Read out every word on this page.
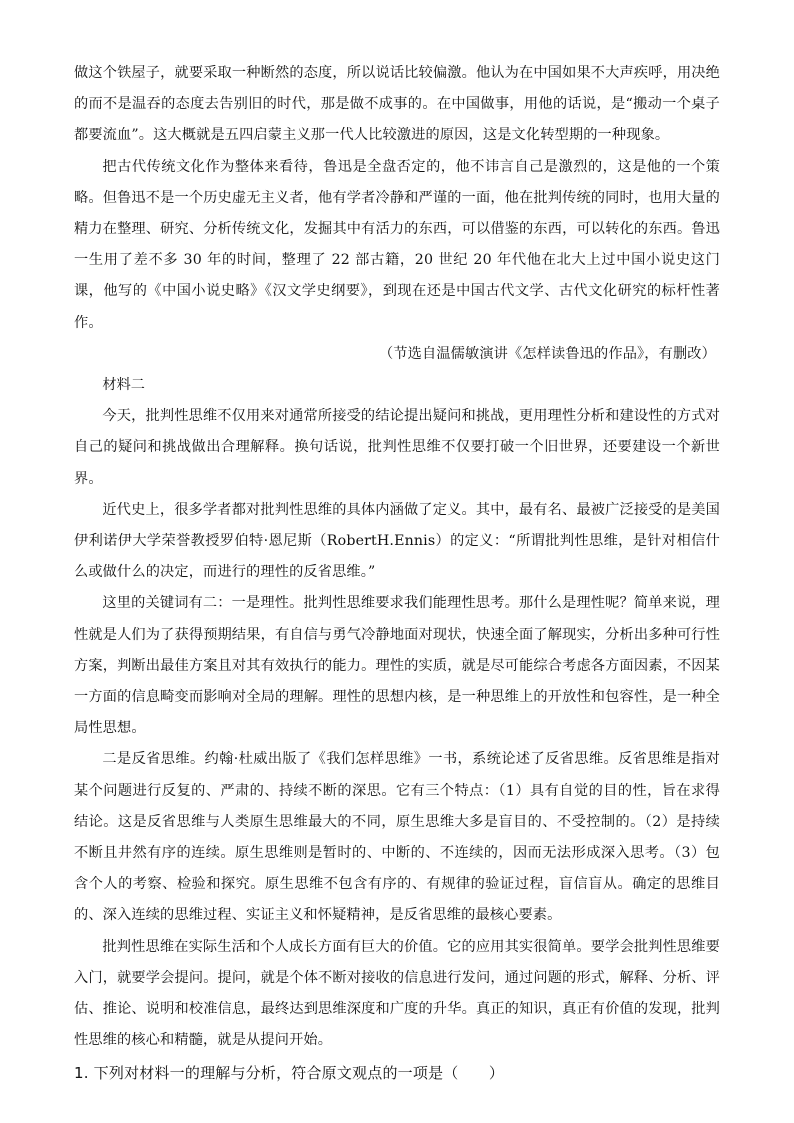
做这个铁屋子，就要采取一种断然的态度，所以说话比较偏激。他认为在中国如果不大声疾呼，用决绝的而不是温吞的态度去告别旧的时代，那是做不成事的。在中国做事，用他的话说，是“搬动一个桌子都要流血”。这大概就是五四启蒙主义那一代人比较激进的原因，这是文化转型期的一种现象。

把古代传统文化作为整体来看待，鲁迅是全盘否定的，他不讳言自己是激烈的，这是他的一个策略。但鲁迅不是一个历史虚无主义者，他有学者冷静和严谨的一面，他在批判传统的同时，也用大量的精力在整理、研究、分析传统文化，发掘其中有活力的东西，可以借鉴的东西，可以转化的东西。鲁迅一生用了差不多 30 年的时间，整理了 22 部古籍，20 世纪 20 年代他在北大上过中国小说史这门课，他写的《中国小说史略》《汉文学史纲要》，到现在还是中国古代文学、古代文化研究的标杆性著作。

（节选自温儒敏演讲《怎样读鲁迅的作品》，有删改）

材料二

今天，批判性思维不仅用来对通常所接受的结论提出疑问和挑战，更用理性分析和建设性的方式对自己的疑问和挑战做出合理解释。换句话说，批判性思维不仅要打破一个旧世界，还要建设一个新世界。

近代史上，很多学者都对批判性思维的具体内涵做了定义。其中，最有名、最被广泛接受的是美国伊利诺伊大学荣誉教授罗伯特·恩尼斯（RobertH.Ennis）的定义：“所谓批判性思维，是针对相信什么或做什么的决定，而进行的理性的反省思维。”

这里的关键词有二：一是理性。批判性思维要求我们能理性思考。那什么是理性呢？简单来说，理性就是人们为了获得预期结果，有自信与勇气冷静地面对现状，快速全面了解现实，分析出多种可行性方案，判断出最佳方案且对其有效执行的能力。理性的实质，就是尽可能综合考虑各方面因素，不因某一方面的信息畸变而影响对全局的理解。理性的思想内核，是一种思维上的开放性和包容性，是一种全局性思想。

二是反省思维。约翰·杜威出版了《我们怎样思维》一书，系统论述了反省思维。反省思维是指对某个问题进行反复的、严肃的、持续不断的深思。它有三个特点：（1）具有自觉的目的性，旨在求得结论。这是反省思维与人类原生思维最大的不同，原生思维大多是盲目的、不受控制的。（2）是持续不断且井然有序的连续。原生思维则是暂时的、中断的、不连续的，因而无法形成深入思考。（3）包含个人的考察、检验和探究。原生思维不包含有序的、有规律的验证过程，盲信盲从。确定的思维目的、深入连续的思维过程、实证主义和怀疑精神，是反省思维的最核心要素。

批判性思维在实际生活和个人成长方面有巨大的价值。它的应用其实很简单。要学会批判性思维要入门，就要学会提问。提问，就是个体不断对接收的信息进行发问，通过问题的形式，解释、分析、评估、推论、说明和校准信息，最终达到思维深度和广度的升华。真正的知识，真正有价值的发现，批判性思维的核心和精髓，就是从提问开始。

1. 下列对材料一的理解与分析，符合原文观点的一项是（　　）
